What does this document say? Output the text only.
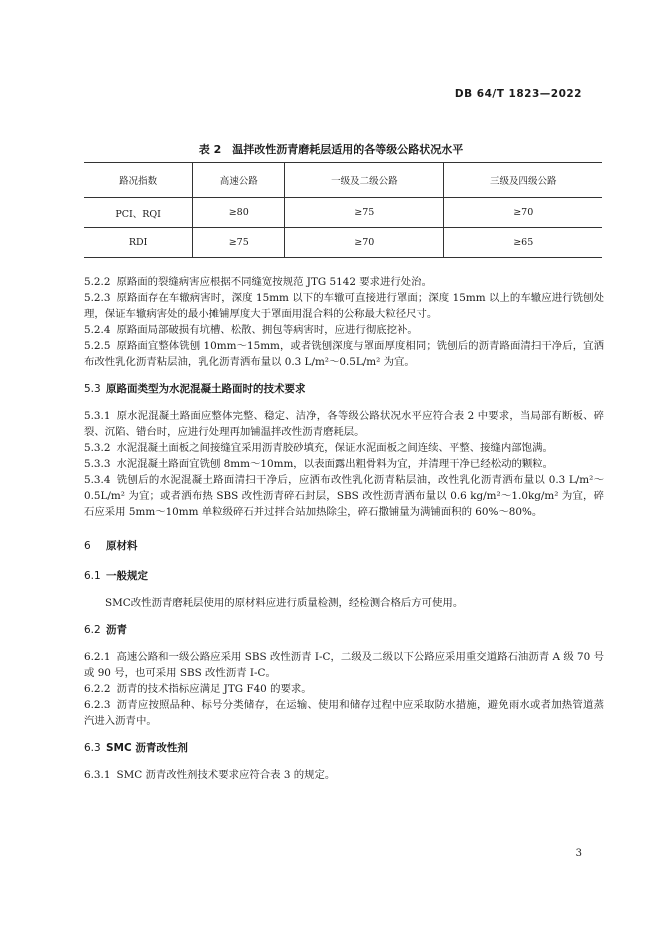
DB 64/T 1823—2022
表 2　温拌改性沥青磨耗层适用的各等级公路状况水平
路况指数	高速公路	一级及二级公路	三级及四级公路
PCI、RQI	≥80	≥75	≥70
RDI	≥75	≥70	≥65

5.2.2 原路面的裂缝病害应根据不同缝宽按规范 JTG 5142 要求进行处治。

5.2.3 原路面存在车辙病害时，深度 15mm 以下的车辙可直接进行罩面；深度 15mm 以上的车辙应进行铣刨处理，保证车辙病害处的最小摊铺厚度大于罩面用混合料的公称最大粒径尺寸。

5.2.4 原路面局部破损有坑槽、松散、拥包等病害时，应进行彻底挖补。

5.2.5 原路面宜整体铣刨 10mm～15mm，或者铣刨深度与罩面厚度相同；铣刨后的沥青路面清扫干净后，宜洒布改性乳化沥青粘层油，乳化沥青洒布量以 0.3 L/m²～0.5L/m² 为宜。

5.3 原路面类型为水泥混凝土路面时的技术要求

5.3.1 原水泥混凝土路面应整体完整、稳定、洁净，各等级公路状况水平应符合表 2 中要求，当局部有断板、碎裂、沉陷、错台时，应进行处理再加铺温拌改性沥青磨耗层。

5.3.2 水泥混凝土面板之间接缝宜采用沥青胶砂填充，保证水泥面板之间连续、平整、接缝内部饱满。

5.3.3 水泥混凝土路面宜铣刨 8mm～10mm，以表面露出粗骨料为宜，并清理干净已经松动的颗粒。

5.3.4 铣刨后的水泥混凝土路面清扫干净后，应洒布改性乳化沥青粘层油，改性乳化沥青洒布量以 0.3 L/m²～0.5L/m² 为宜；或者洒布热 SBS 改性沥青碎石封层，SBS 改性沥青洒布量以 0.6 kg/m²～1.0kg/m² 为宜，碎石应采用 5mm～10mm 单粒级碎石并过拌合站加热除尘，碎石撒铺量为满铺面积的 60%～80%。

6 原材料

6.1 一般规定

SMC改性沥青磨耗层使用的原材料应进行质量检测，经检测合格后方可使用。

6.2 沥青

6.2.1 高速公路和一级公路应采用 SBS 改性沥青 I-C，二级及二级以下公路应采用重交道路石油沥青 A 级 70 号或 90 号，也可采用 SBS 改性沥青 I-C。

6.2.2 沥青的技术指标应满足 JTG F40 的要求。

6.2.3 沥青应按照品种、标号分类储存，在运输、使用和储存过程中应采取防水措施，避免雨水或者加热管道蒸汽进入沥青中。

6.3 SMC 沥青改性剂

6.3.1 SMC 沥青改性剂技术要求应符合表 3 的规定。

3
